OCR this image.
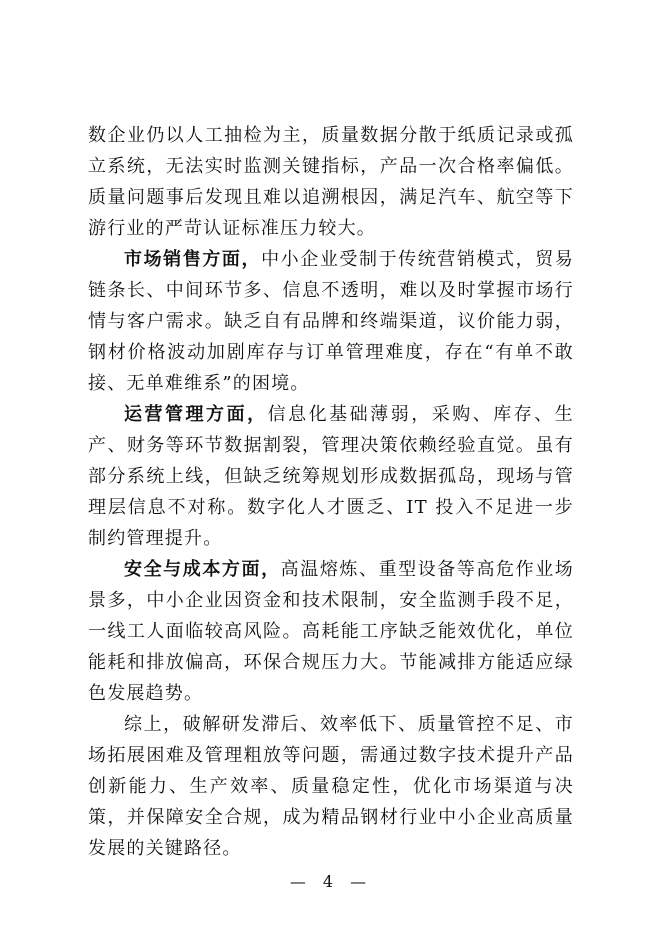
数企业仍以人工抽检为主，质量数据分散于纸质记录或孤立系统，无法实时监测关键指标，产品一次合格率偏低。质量问题事后发现且难以追溯根因，满足汽车、航空等下游行业的严苛认证标准压力较大。

市场销售方面，中小企业受制于传统营销模式，贸易链条长、中间环节多、信息不透明，难以及时掌握市场行情与客户需求。缺乏自有品牌和终端渠道，议价能力弱，钢材价格波动加剧库存与订单管理难度，存在“有单不敢接、无单难维系”的困境。

运营管理方面，信息化基础薄弱，采购、库存、生产、财务等环节数据割裂，管理决策依赖经验直觉。虽有部分系统上线，但缺乏统筹规划形成数据孤岛，现场与管理层信息不对称。数字化人才匮乏、IT 投入不足进一步制约管理提升。

安全与成本方面，高温熔炼、重型设备等高危作业场景多，中小企业因资金和技术限制，安全监测手段不足，一线工人面临较高风险。高耗能工序缺乏能效优化，单位能耗和排放偏高，环保合规压力大。节能减排方能适应绿色发展趋势。

综上，破解研发滞后、效率低下、质量管控不足、市场拓展困难及管理粗放等问题，需通过数字技术提升产品创新能力、生产效率、质量稳定性，优化市场渠道与决策，并保障安全合规，成为精品钢材行业中小企业高质量发展的关键路径。

— 4 —
